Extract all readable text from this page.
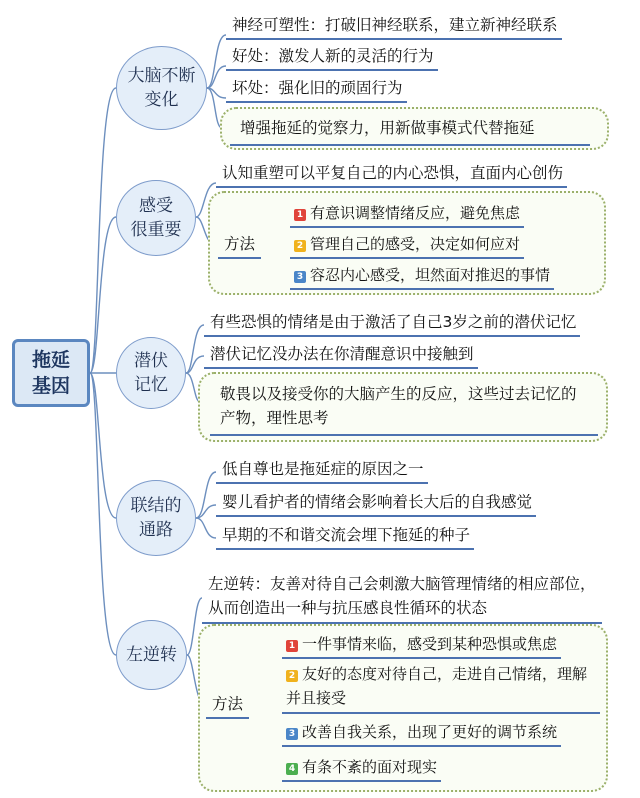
拖延
基因
大脑不断
变化
神经可塑性：打破旧神经联系，建立新神经联系
好处：激发人新的灵活的行为
坏处：强化旧的顽固行为
增强拖延的觉察力，用新做事模式代替拖延
感受
很重要
认知重塑可以平复自己的内心恐惧，直面内心创伤
方法
1 有意识调整情绪反应，避免焦虑
2 管理自己的感受，决定如何应对
3 容忍内心感受，坦然面对推迟的事情
潜伏
记忆
有些恐惧的情绪是由于激活了自己3岁之前的潜伏记忆
潜伏记忆没办法在你清醒意识中接触到
敬畏以及接受你的大脑产生的反应，这些过去记忆的产物，理性思考
联结的
通路
低自尊也是拖延症的原因之一
婴儿看护者的情绪会影响着长大后的自我感觉
早期的不和谐交流会埋下拖延的种子
左逆转
左逆转：友善对待自己会刺激大脑管理情绪的相应部位，从而创造出一种与抗压感良性循环的状态
方法
1 一件事情来临，感受到某种恐惧或焦虑
2 友好的态度对待自己，走进自己情绪，理解并且接受
3 改善自我关系，出现了更好的调节系统
4 有条不紊的面对现实
